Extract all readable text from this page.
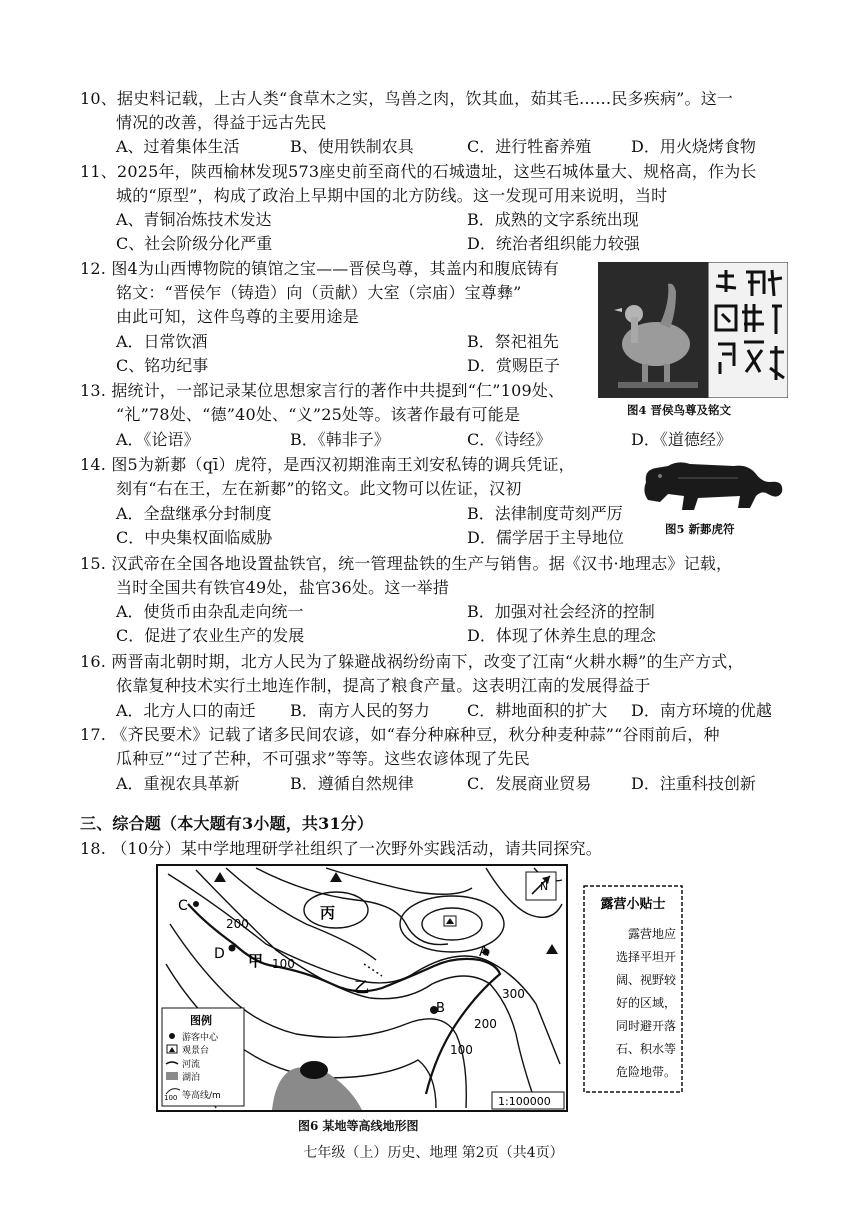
10、据史料记载，上古人类“食草木之实，鸟兽之肉，饮其血，茹其毛……民多疾病”。这一
情况的改善，得益于远古先民
A、过着集体生活	B、使用铁制农具	C．进行牲畜养殖 D．用火烧烤食物
11、2025年，陕西榆林发现573座史前至商代的石城遗址，这些石城体量大、规格高，作为长
城的“原型”，构成了政治上早期中国的北方防线。这一发现可用来说明，当时
A、青铜冶炼技术发达	B．成熟的文字系统出现
C、社会阶级分化严重	D．统治者组织能力较强
12. 图4为山西博物院的镇馆之宝——晋侯鸟尊，其盖内和腹底铸有
铭文：“晋侯乍（铸造）向（贡献）大室（宗庙）宝尊彝”
由此可知，这件鸟尊的主要用途是
A．日常饮酒	B．祭祀祖先
C、铭功纪事	D．赏赐臣子
图4 晋侯鸟尊及铭文
13. 据统计，一部记录某位思想家言行的著作中共提到“仁”109处、
“礼”78处、“德”40处、“义”25处等。该著作最有可能是
A．《论语》	B．《韩非子》	C．《诗经》	D．《道德经》
14. 图5为新郪（qī）虎符，是西汉初期淮南王刘安私铸的调兵凭证，
刻有“右在王，左在新郪”的铭文。此文物可以佐证，汉初
A．全盘继承分封制度	B．法律制度苛刻严厉
C．中央集权面临威胁	D．儒学居于主导地位	图5 新郪虎符
15. 汉武帝在全国各地设置盐铁官，统一管理盐铁的生产与销售。据《汉书·地理志》记载，
当时全国共有铁官49处，盐官36处。这一举措
A．使货币由杂乱走向统一	B．加强对社会经济的控制
C．促进了农业生产的发展	D．体现了休养生息的理念
16. 两晋南北朝时期，北方人民为了躲避战祸纷纷南下，改变了江南“火耕水耨”的生产方式，
依靠复种技术实行土地连作制，提高了粮食产量。这表明江南的发展得益于
A．北方人口的南迁 B．南方人民的努力 C．耕地面积的扩大 D．南方环境的优越
17. 《齐民要术》记载了诸多民间农谚，如“春分种麻种豆，秋分种麦种蒜”“谷雨前后，种
瓜种豆”“过了芒种，不可强求”等等。这些农谚体现了先民
A．重视农具革新	B．遵循自然规律	C．发展商业贸易 D．注重科技创新
三、综合题（本大题有3小题，共31分）
18. （10分）某中学地理研学社组织了一次野外实践活动，请共同探究。
N
丙
甲
乙
C
D	A
B
200
100
300
200
100
图例
游客中心
观景台
河流
湖泊
100 等高线/m	1:100000
露营小贴士
露营地应
选择平坦开
阔、视野较
好的区域，
同时避开落
石、积水等
危险地带。
图6 某地等高线地形图
七年级（上）历史、地理 第2页（共4页）
